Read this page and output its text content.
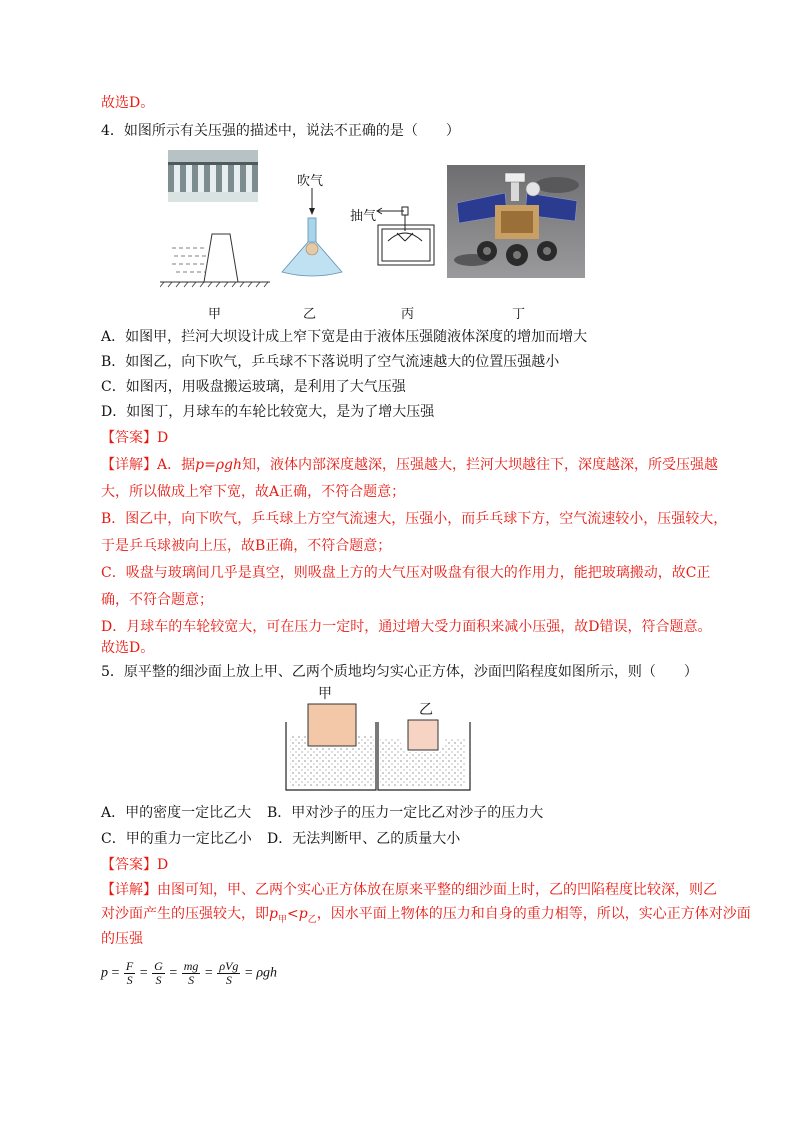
故选D。
4．如图所示有关压强的描述中，说法不正确的是（　　）
甲
吹气
乙
抽气
丙	丁
A．如图甲，拦河大坝设计成上窄下宽是由于液体压强随液体深度的增加而增大
B．如图乙，向下吹气，乒乓球不下落说明了空气流速越大的位置压强越小
C．如图丙，用吸盘搬运玻璃，是利用了大气压强
D．如图丁，月球车的车轮比较宽大，是为了增大压强
【答案】D
【详解】A．据p=ρgh知，液体内部深度越深，压强越大，拦河大坝越往下，深度越深，所受压强越
大，所以做成上窄下宽，故A正确，不符合题意；
B．图乙中，向下吹气，乒乓球上方空气流速大，压强小，而乒乓球下方，空气流速较小，压强较大，
于是乒乓球被向上压，故B正确，不符合题意；
C．吸盘与玻璃间几乎是真空，则吸盘上方的大气压对吸盘有很大的作用力，能把玻璃搬动，故C正
确，不符合题意；
D．月球车的车轮较宽大，可在压力一定时，通过增大受力面积来减小压强，故D错误，符合题意。
故选D。
5．原平整的细沙面上放上甲、乙两个质地均匀实心正方体，沙面凹陷程度如图所示，则（　　）
甲
乙
A．甲的密度一定比乙大 B．甲对沙子的压力一定比乙对沙子的压力大
C．甲的重力一定比乙小 D．无法判断甲、乙的质量大小
【答案】D
【详解】由图可知，甲、乙两个实心正方体放在原来平整的细沙面上时，乙的凹陷程度比较深，则乙
对沙面产生的压强较大，即$p_甲<p_乙$，因水平面上物体的压力和自身的重力相等，所以，实心正方体对沙面
的压强
$p = \frac{F}{S} = \frac{G}{S} = \frac{mg}{S} = \frac{\text{ρVg}}{S} = \rho gh$
